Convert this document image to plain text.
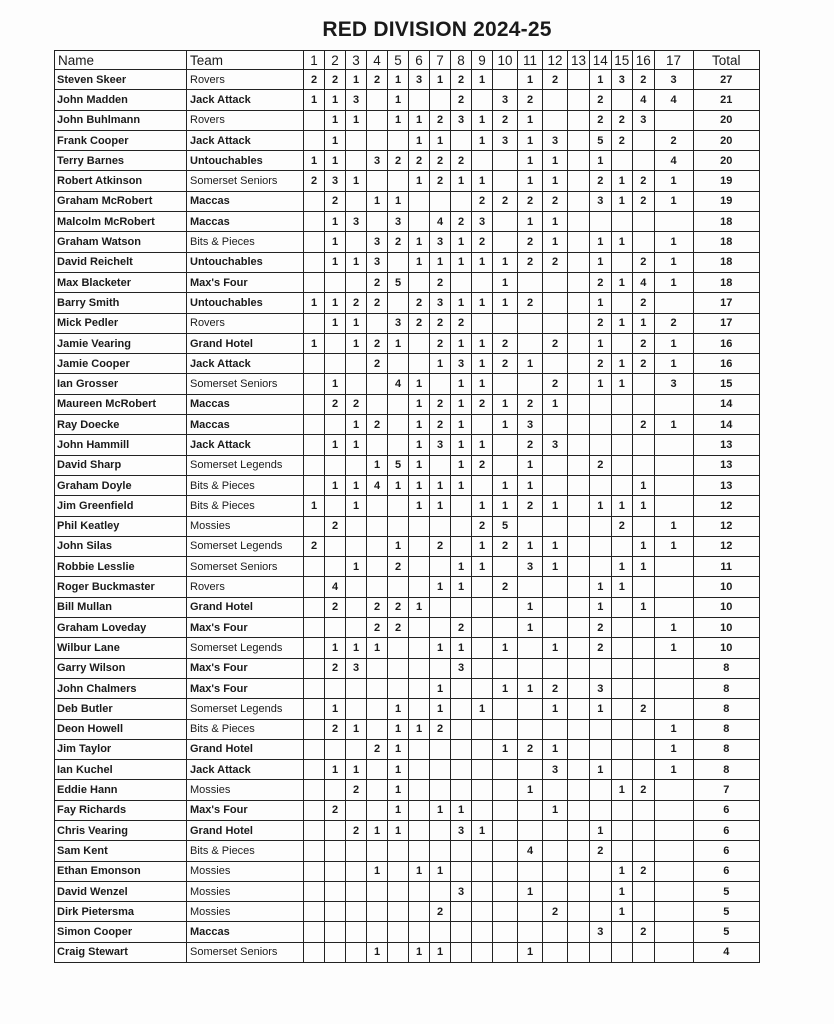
RED DIVISION 2024-25
Name	Team	1	2	3	4	5	6	7	8	9	10	11	12	13	14	15	16	17	Total
Steven Skeer	Rovers	2	2	1	2	1	3	1	2	1		1	2		1	3	2	3	27
John Madden	Jack Attack	1	1	3		1			2		3	2			2		4	4	21
John Buhlmann	Rovers		1	1		1	1	2	3	1	2	1			2	2	3		20
Frank Cooper	Jack Attack		1				1	1		1	3	1	3		5	2		2	20
Terry Barnes	Untouchables	1	1		3	2	2	2	2			1	1		1			4	20
Robert Atkinson	Somerset Seniors	2	3	1			1	2	1	1		1	1		2	1	2	1	19
Graham McRobert	Maccas		2		1	1				2	2	2	2		3	1	2	1	19
Malcolm McRobert	Maccas		1	3		3		4	2	3		1	1						18
Graham Watson	Bits & Pieces		1		3	2	1	3	1	2		2	1		1	1		1	18
David Reichelt	Untouchables		1	1	3		1	1	1	1	1	2	2		1		2	1	18
Max Blacketer	Max's Four				2	5		2			1				2	1	4	1	18
Barry Smith	Untouchables	1	1	2	2		2	3	1	1	1	2			1		2		17
Mick Pedler	Rovers		1	1		3	2	2	2						2	1	1	2	17
Jamie Vearing	Grand Hotel	1		1	2	1		2	1	1	2		2		1		2	1	16
Jamie Cooper	Jack Attack				2			1	3	1	2	1			2	1	2	1	16
Ian Grosser	Somerset Seniors		1			4	1		1	1			2		1	1		3	15
Maureen McRobert	Maccas		2	2			1	2	1	2	1	2	1						14
Ray Doecke	Maccas			1	2		1	2	1		1	3					2	1	14
John Hammill	Jack Attack		1	1			1	3	1	1		2	3						13
David Sharp	Somerset Legends				1	5	1		1	2		1			2				13
Graham Doyle	Bits & Pieces		1	1	4	1	1	1	1		1	1					1		13
Jim Greenfield	Bits & Pieces	1		1			1	1		1	1	2	1		1	1	1		12
Phil Keatley	Mossies		2							2	5					2		1	12
John Silas	Somerset Legends	2				1		2		1	2	1	1				1	1	12
Robbie Lesslie	Somerset Seniors			1		2			1	1		3	1			1	1		11
Roger Buckmaster	Rovers		4					1	1		2				1	1			10
Bill Mullan	Grand Hotel		2		2	2	1					1			1		1		10
Graham Loveday	Max's Four				2	2			2			1			2			1	10
Wilbur Lane	Somerset Legends		1	1	1			1	1		1		1		2			1	10
Garry Wilson	Max's Four		2	3					3										8
John Chalmers	Max's Four							1			1	1	2		3				8
Deb Butler	Somerset Legends		1			1		1		1			1		1		2		8
Deon Howell	Bits & Pieces		2	1		1	1	2										1	8
Jim Taylor	Grand Hotel				2	1					1	2	1					1	8
Ian Kuchel	Jack Attack		1	1		1							3		1			1	8
Eddie Hann	Mossies			2		1						1				1	2		7
Fay Richards	Max's Four		2			1		1	1				1						6
Chris Vearing	Grand Hotel			2	1	1			3	1					1				6
Sam Kent	Bits & Pieces											4			2				6
Ethan Emonson	Mossies				1		1	1								1	2		6
David Wenzel	Mossies								3			1				1			5
Dirk Pietersma	Mossies							2					2			1			5
Simon Cooper	Maccas														3		2		5
Craig Stewart	Somerset Seniors				1		1	1				1							4
